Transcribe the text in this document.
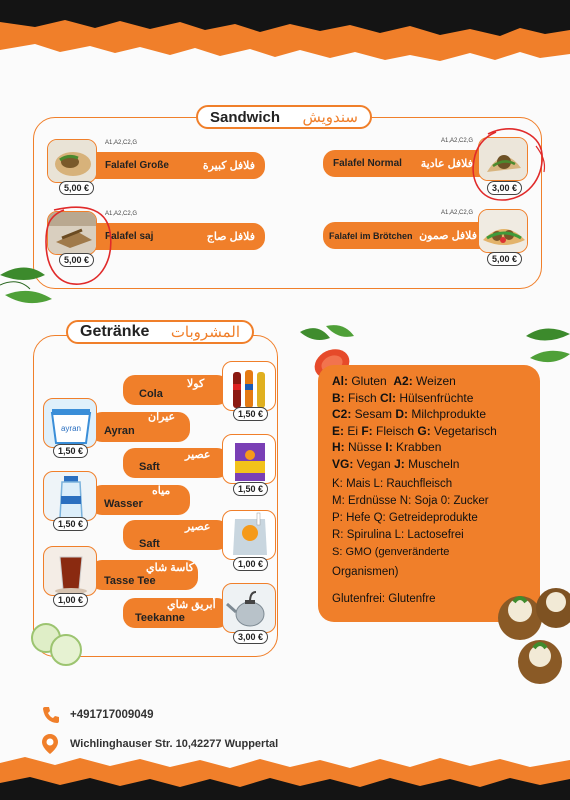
Sandwich سندويش
Falafel Große	فلافل كبيرة
A1,A2,C2,G
5,00 €
Falafel Normal فلافل عادية
A1,A2,C2,G
3,00 €
Falafel saj	فلافل صاج
A1,A2,C2,G
5,00 €
Falafel im Brötchen فلافل صمون
A1,A2,C2,G
5,00 €
Getränke المشروبات
كولا
Cola
1,50 €
عيران
Ayran
ayran
1,50 €	عصير
Saft
1,50 €
مياه
Wasser
1,50 €	عصير
Saft
1,00 €
كاسة شاي
Tasse Tee
1,00 €	أبريق شاي
Teekanne
3,00 €
Al: Gluten  A2: Weizen
B: Fisch Cl: Hülsenfrüchte
C2: Sesam D: Milchprodukte
E: Ei F: Fleisch G: Vegetarisch
H: Nüsse I: Krabben
VG: Vegan J: Muscheln
K: Mais L: Rauchfleisch
M: Erdnüsse N: Soja 0: Zucker
P: Hefe Q: Getreideprodukte
R: Spirulina L: Lactosefrei
S: GMO (genveränderte
Organismen)
Glutenfrei: Glutenfre
+491717009049
Wichlinghauser Str. 10,42277 Wuppertal
